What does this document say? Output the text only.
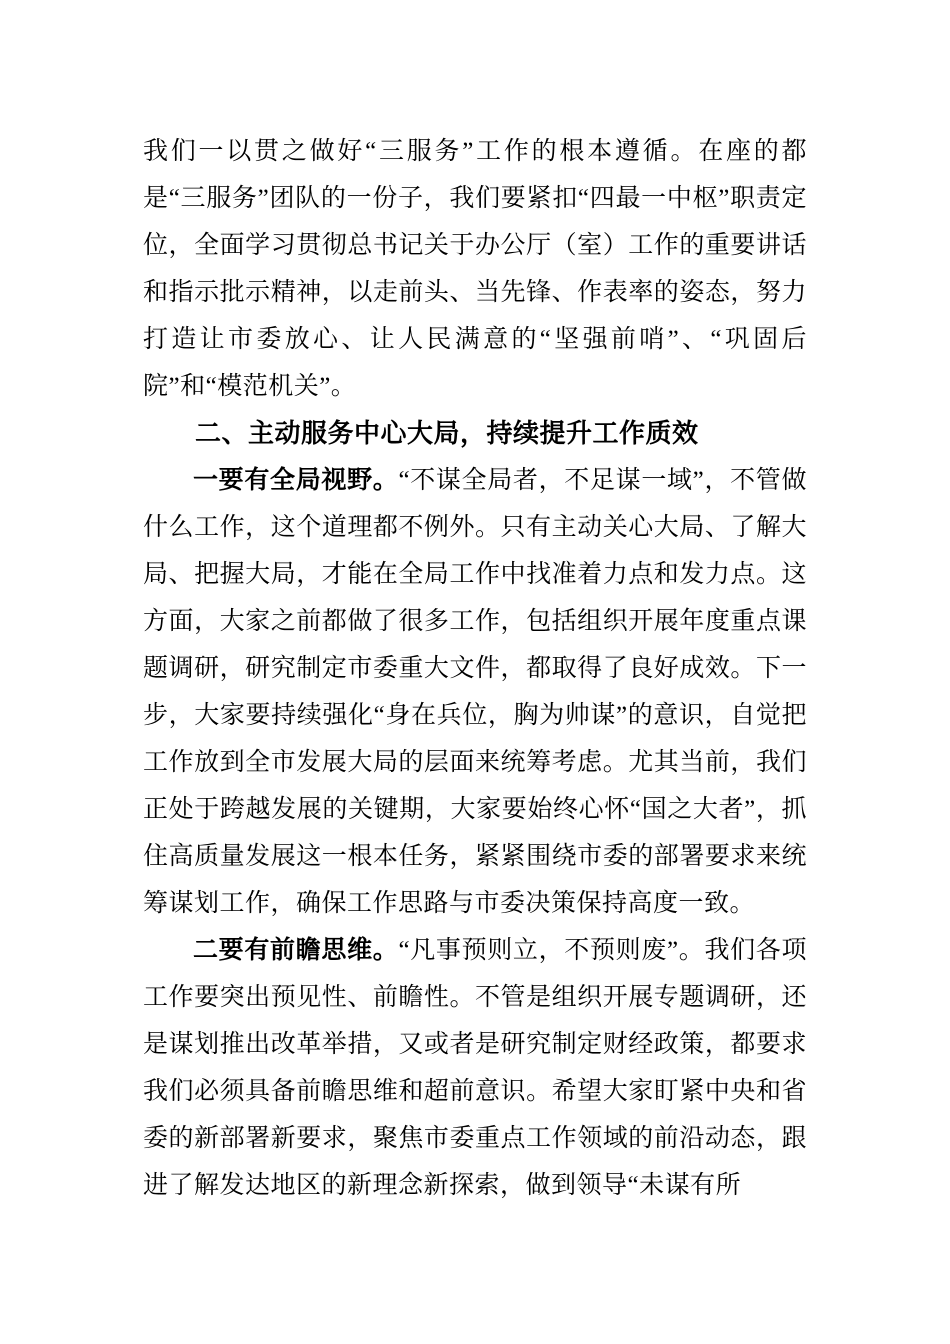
我们一以贯之做好“三服务”工作的根本遵循。在座的都是“三服务”团队的一份子，我们要紧扣“四最一中枢”职责定位，全面学习贯彻总书记关于办公厅（室）工作的重要讲话和指示批示精神，以走前头、当先锋、作表率的姿态，努力打造让市委放心、让人民满意的“坚强前哨”、“巩固后院”和“模范机关”。

二、主动服务中心大局，持续提升工作质效

一要有全局视野。“不谋全局者，不足谋一域”，不管做什么工作，这个道理都不例外。只有主动关心大局、了解大局、把握大局，才能在全局工作中找准着力点和发力点。这方面，大家之前都做了很多工作，包括组织开展年度重点课题调研，研究制定市委重大文件，都取得了良好成效。下一步，大家要持续强化“身在兵位，胸为帅谋”的意识，自觉把工作放到全市发展大局的层面来统筹考虑。尤其当前，我们正处于跨越发展的关键期，大家要始终心怀“国之大者”，抓住高质量发展这一根本任务，紧紧围绕市委的部署要求来统筹谋划工作，确保工作思路与市委决策保持高度一致。

二要有前瞻思维。“凡事预则立，不预则废”。我们各项工作要突出预见性、前瞻性。不管是组织开展专题调研，还是谋划推出改革举措，又或者是研究制定财经政策，都要求我们必须具备前瞻思维和超前意识。希望大家盯紧中央和省委的新部署新要求，聚焦市委重点工作领域的前沿动态，跟进了解发达地区的新理念新探索，做到领导“未谋有所
